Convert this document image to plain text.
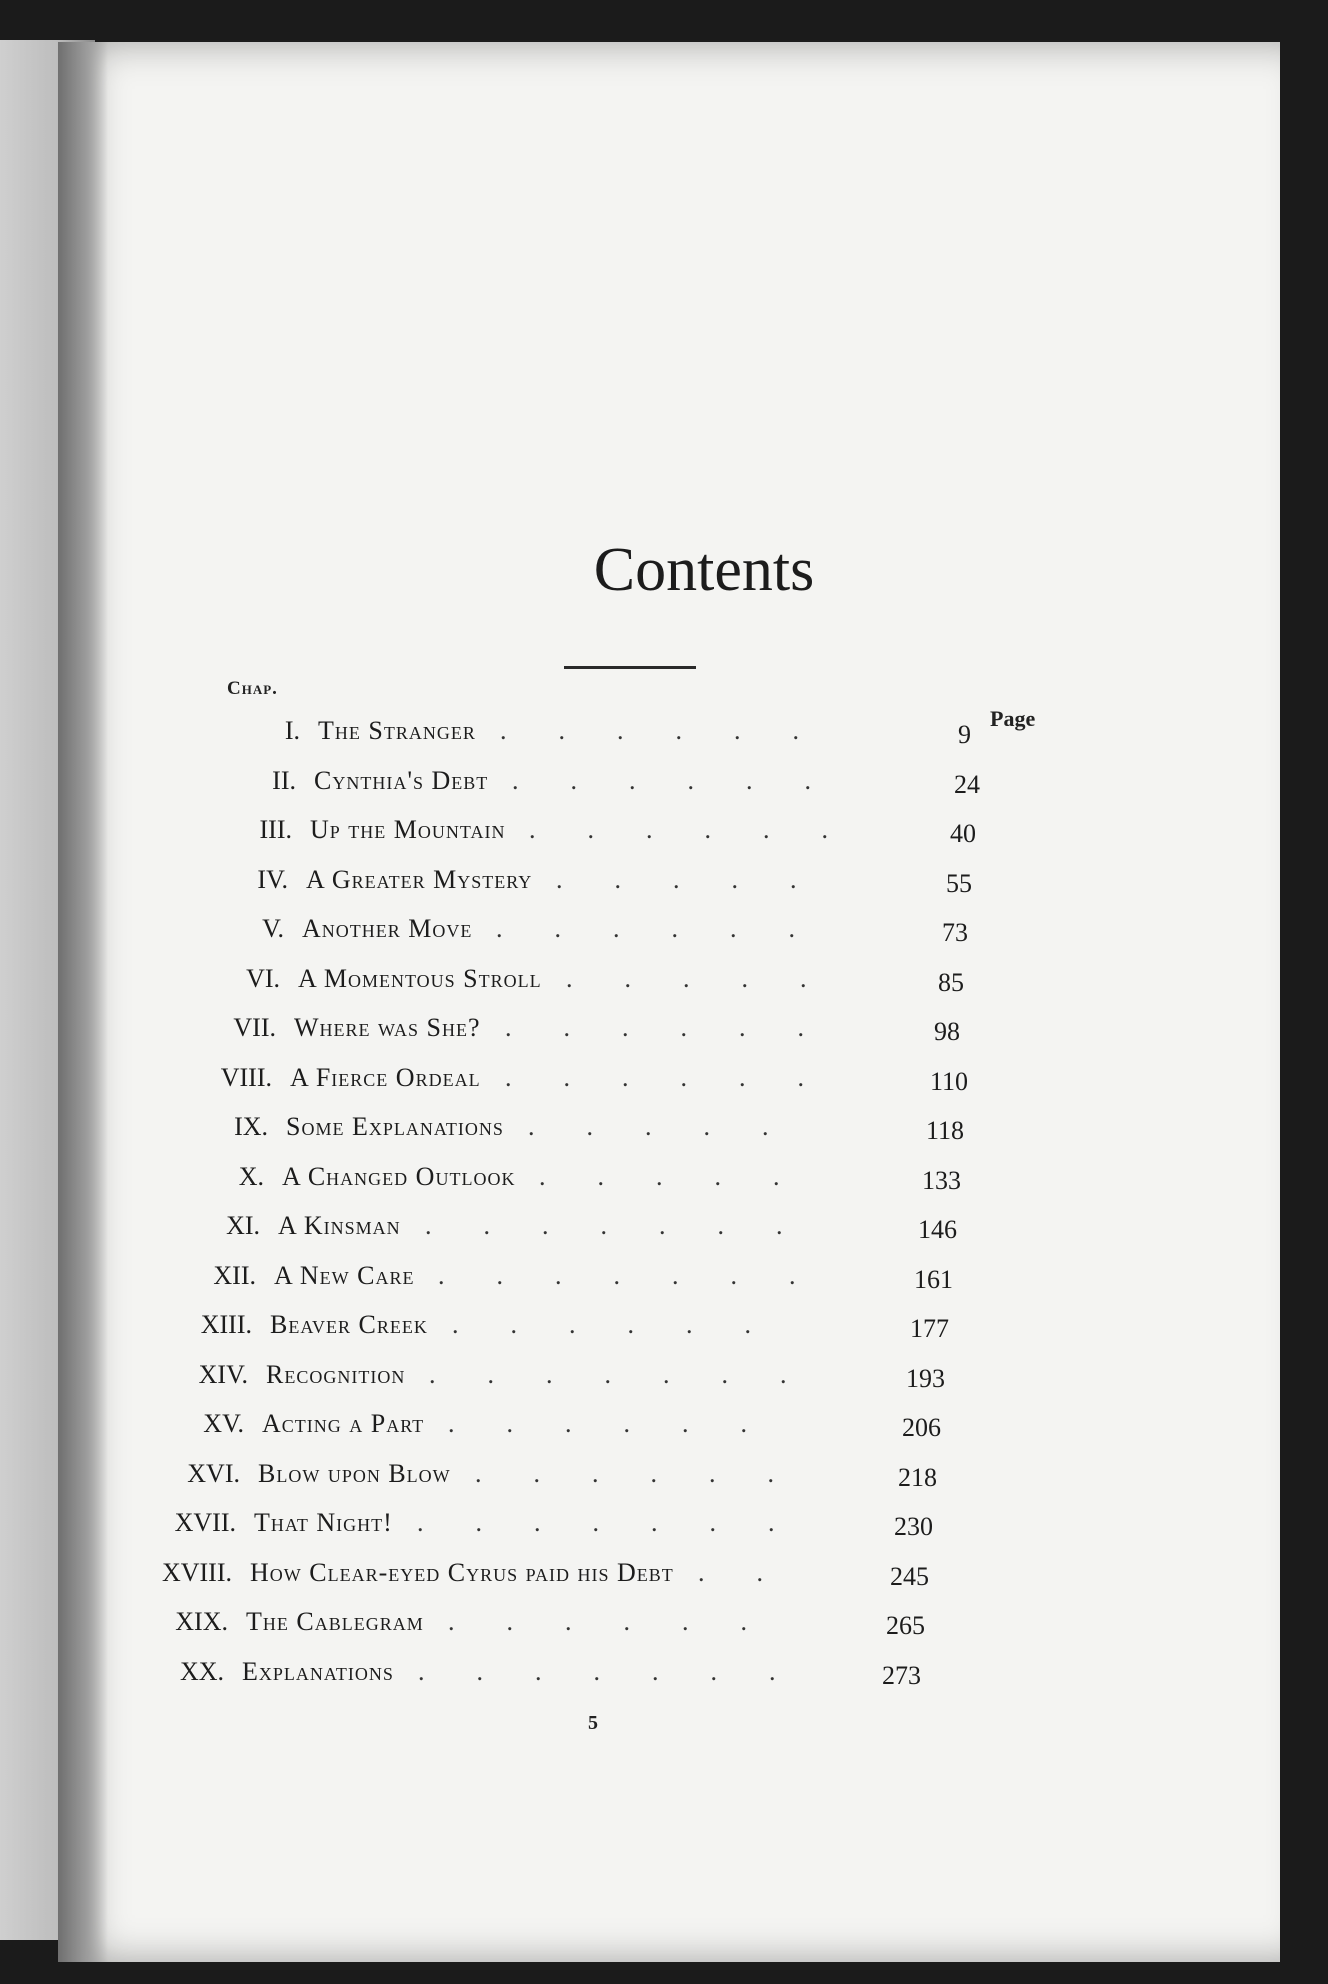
Contents
Chap.
Page
I. The Stranger .  .  .  .  .  .	9
II. Cynthia's Debt .  .  .  .  .  .	24
III. Up the Mountain .  .  .  .  .  .	40
IV. A Greater Mystery .  .  .  .  .	55
V. Another Move .  .  .  .  .  .	73
VI. A Momentous Stroll .  .  .  .  .	85
VII. Where was She? .  .  .  .  .  .	98
VIII. A Fierce Ordeal .  .  .  .  .  .	110
IX. Some Explanations .  .  .  .  .	118
X. A Changed Outlook .  .  .  .  .	133
XI. A Kinsman .  .  .  .  .  .  .	146
XII. A New Care .  .  .  .  .  .  .	161
XIII. Beaver Creek .  .  .  .  .  .	177
XIV. Recognition .  .  .  .  .  .  .	193
XV. Acting a Part .  .  .  .  .  .	206
XVI. Blow upon Blow .  .  .  .  .  .	218
XVII. That Night! .  .  .  .  .  .  .	230
XVIII. How Clear-eyed Cyrus paid his Debt .  .	245
XIX. The Cablegram .  .  .  .  .  .	265
XX. Explanations .  .  .  .  .  .  .	273
5
